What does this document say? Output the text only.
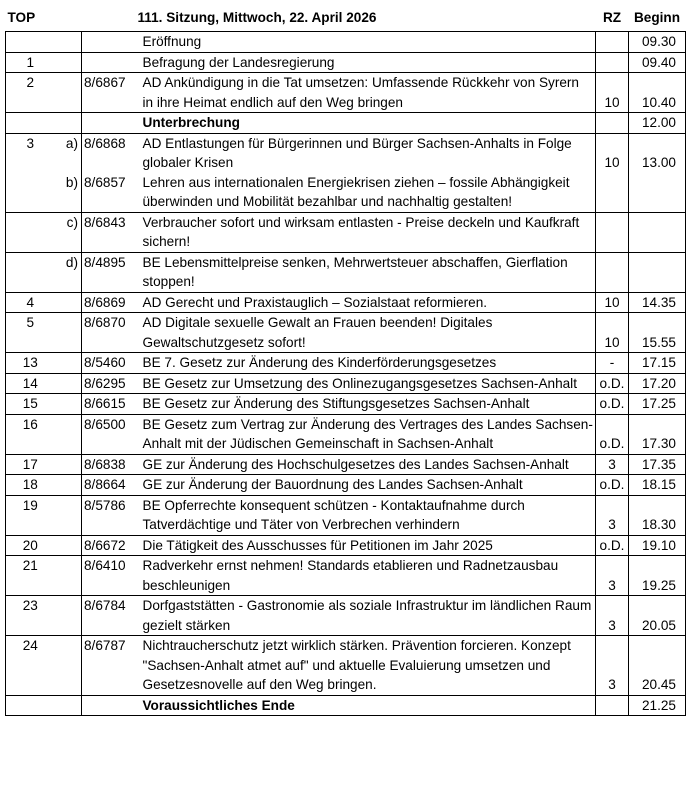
TOP			111. Sitzung, Mittwoch, 22. April 2026	RZ	Beginn
			Eröffnung		09.30
1			Befragung der Landesregierung		09.40
2		8/6867	AD Ankündigung in die Tat umsetzen: Umfassende Rückkehr von Syrern in ihre Heimat endlich auf den Weg bringen	10	10.40
			Unterbrechung		12.00
3	a)	8/6868	AD Entlastungen für Bürgerinnen und Bürger Sachsen-Anhalts in Folge globaler Krisen	10	13.00
	b)	8/6857	Lehren aus internationalen Energiekrisen ziehen – fossile Abhängigkeit überwinden und Mobilität bezahlbar und nachhaltig gestalten!		
	c)	8/6843	Verbraucher sofort und wirksam entlasten - Preise deckeln und Kaufkraft sichern!		
	d)	8/4895	BE Lebensmittelpreise senken, Mehrwertsteuer abschaffen, Gierflation stoppen!		
4		8/6869	AD Gerecht und Praxistauglich – Sozialstaat reformieren.	10	14.35
5		8/6870	AD Digitale sexuelle Gewalt an Frauen beenden! Digitales Gewaltschutzgesetz sofort!	10	15.55
13		8/5460	BE 7. Gesetz zur Änderung des Kinderförderungsgesetzes	-	17.15
14		8/6295	BE Gesetz zur Umsetzung des Onlinezugangsgesetzes Sachsen-Anhalt	o.D.	17.20
15		8/6615	BE Gesetz zur Änderung des Stiftungsgesetzes Sachsen-Anhalt	o.D.	17.25
16		8/6500	BE Gesetz zum Vertrag zur Änderung des Vertrages des Landes Sachsen-Anhalt mit der Jüdischen Gemeinschaft in Sachsen-Anhalt	o.D.	17.30
17		8/6838	GE zur Änderung des Hochschulgesetzes des Landes Sachsen-Anhalt	3	17.35
18		8/8664	GE zur Änderung der Bauordnung des Landes Sachsen-Anhalt	o.D.	18.15
19		8/5786	BE Opferrechte konsequent schützen - Kontaktaufnahme durch Tatverdächtige und Täter von Verbrechen verhindern	3	18.30
20		8/6672	Die Tätigkeit des Ausschusses für Petitionen im Jahr 2025	o.D.	19.10
21		8/6410	Radverkehr ernst nehmen! Standards etablieren und Radnetzausbau beschleunigen	3	19.25
23		8/6784	Dorfgaststätten - Gastronomie als soziale Infrastruktur im ländlichen Raum gezielt stärken	3	20.05
24		8/6787	Nichtraucherschutz jetzt wirklich stärken. Prävention forcieren. Konzept "Sachsen-Anhalt atmet auf" und aktuelle Evaluierung umsetzen und Gesetzesnovelle auf den Weg bringen.	3	20.45
			Voraussichtliches Ende		21.25
